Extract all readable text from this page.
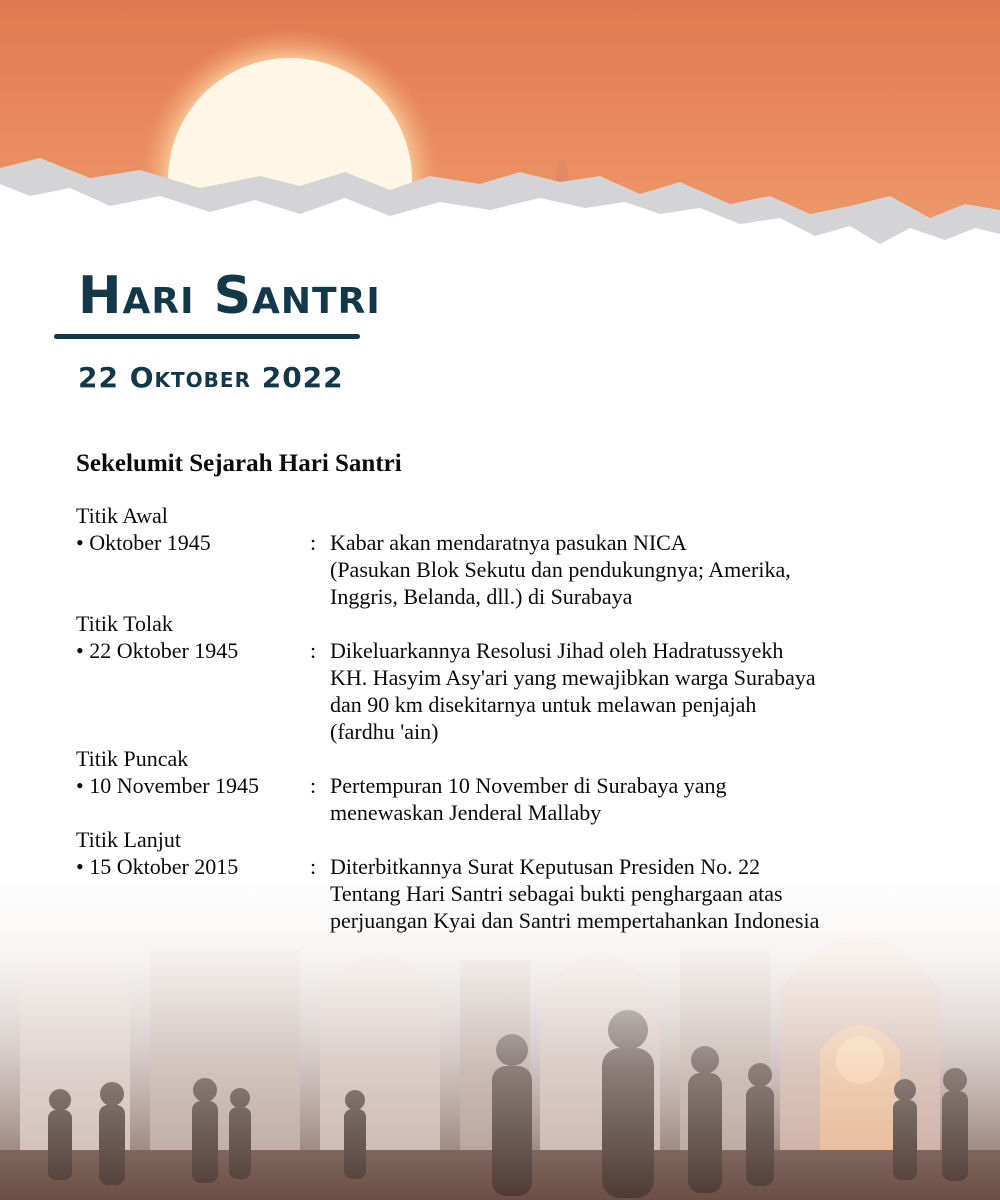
Hari Santri
22 Oktober 2022
Sekelumit Sejarah Hari Santri
Titik Awal
• Oktober 1945	: Kabar akan mendaratnya pasukan NICA
(Pasukan Blok Sekutu dan pendukungnya; Amerika,
Inggris, Belanda, dll.) di Surabaya
Titik Tolak
• 22 Oktober 1945	: Dikeluarkannya Resolusi Jihad oleh Hadratussyekh
KH. Hasyim Asy'ari yang mewajibkan warga Surabaya
dan 90 km disekitarnya untuk melawan penjajah
(fardhu 'ain)
Titik Puncak
• 10 November 1945	: Pertempuran 10 November di Surabaya yang
menewaskan Jenderal Mallaby
Titik Lanjut
• 15 Oktober 2015	: Diterbitkannya Surat Keputusan Presiden No. 22
Tentang Hari Santri sebagai bukti penghargaan atas
perjuangan Kyai dan Santri mempertahankan Indonesia
